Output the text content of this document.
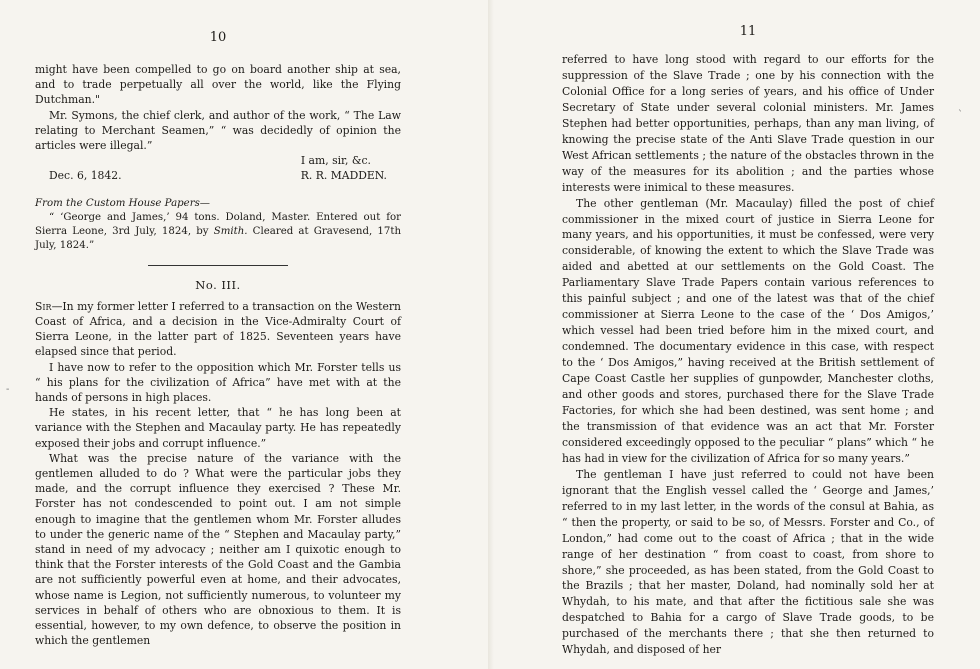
10

might have been compelled to go on board another ship at sea, and to trade perpetually all over the world, like the Flying Dutchman."

Mr. Symons, the chief clerk, and author of the work, “ The Law relating to Merchant Seamen,” “ was decidedly of opinion the articles were illegal.”

I am, sir, &c.
Dec. 6, 1842.	R. R. MADDEN.

From the Custom House Papers—

“ ‘George and James,’ 94 tons. Doland, Master. Entered out for Sierra Leone, 3rd July, 1824, by Smith. Cleared at Gravesend, 17th July, 1824.”

No. III.

Sir—In my former letter I referred to a transaction on the Western Coast of Africa, and a decision in the Vice-Admiralty Court of Sierra Leone, in the latter part of 1825. Seventeen years have elapsed since that period.

I have now to refer to the opposition which Mr. Forster tells us “ his plans for the civilization of Africa” have met with at the hands of persons in high places.

He states, in his recent letter, that “ he has long been at variance with the Stephen and Macaulay party. He has repeatedly exposed their jobs and corrupt influence.”

What was the precise nature of the variance with the gentlemen alluded to do ? What were the particular jobs they made, and the corrupt influence they exercised ? These Mr. Forster has not condescended to point out. I am not simple enough to imagine that the gentlemen whom Mr. Forster alludes to under the generic name of the “ Stephen and Macaulay party,” stand in need of my advocacy ; neither am I quixotic enough to think that the Forster interests of the Gold Coast and the Gambia are not sufficiently powerful even at home, and their advocates, whose name is Legion, not sufficiently numerous, to volunteer my services in behalf of others who are obnoxious to them. It is essential, however, to my own defence, to observe the position in which the gentlemen

11

referred to have long stood with regard to our efforts for the suppression of the Slave Trade ; one by his connection with the Colonial Office for a long series of years, and his office of Under Secretary of State under several colonial ministers. Mr. James Stephen had better opportunities, perhaps, than any man living, of knowing the precise state of the Anti Slave Trade question in our West African settlements ; the nature of the obstacles thrown in the way of the measures for its abolition ; and the parties whose interests were inimical to these measures.

The other gentleman (Mr. Macaulay) filled the post of chief commissioner in the mixed court of justice in Sierra Leone for many years, and his opportunities, it must be confessed, were very considerable, of knowing the extent to which the Slave Trade was aided and abetted at our settlements on the Gold Coast. The Parliamentary Slave Trade Papers contain various references to this painful subject ; and one of the latest was that of the chief commissioner at Sierra Leone to the case of the ‘ Dos Amigos,’ which vessel had been tried before him in the mixed court, and condemned. The documentary evidence in this case, with respect to the ‘ Dos Amigos,” having received at the British settlement of Cape Coast Castle her supplies of gunpowder, Manchester cloths, and other goods and stores, purchased there for the Slave Trade Factories, for which she had been destined, was sent home ; and the transmission of that evidence was an act that Mr. Forster considered exceedingly opposed to the peculiar “ plans” which “ he has had in view for the civilization of Africa for so many years.”

The gentleman I have just referred to could not have been ignorant that the English vessel called the ‘ George and James,’ referred to in my last letter, in the words of the consul at Bahia, as “ then the property, or said to be so, of Messrs. Forster and Co., of London,” had come out to the coast of Africa ; that in the wide range of her destination “ from coast to coast, from shore to shore,” she proceeded, as has been stated, from the Gold Coast to the Brazils ; that her master, Doland, had nominally sold her at Whydah, to his mate, and that after the fictitious sale she was despatched to Bahia for a cargo of Slave Trade goods, to be purchased of the merchants there ; that she then returned to Whydah, and disposed of her

-
`
